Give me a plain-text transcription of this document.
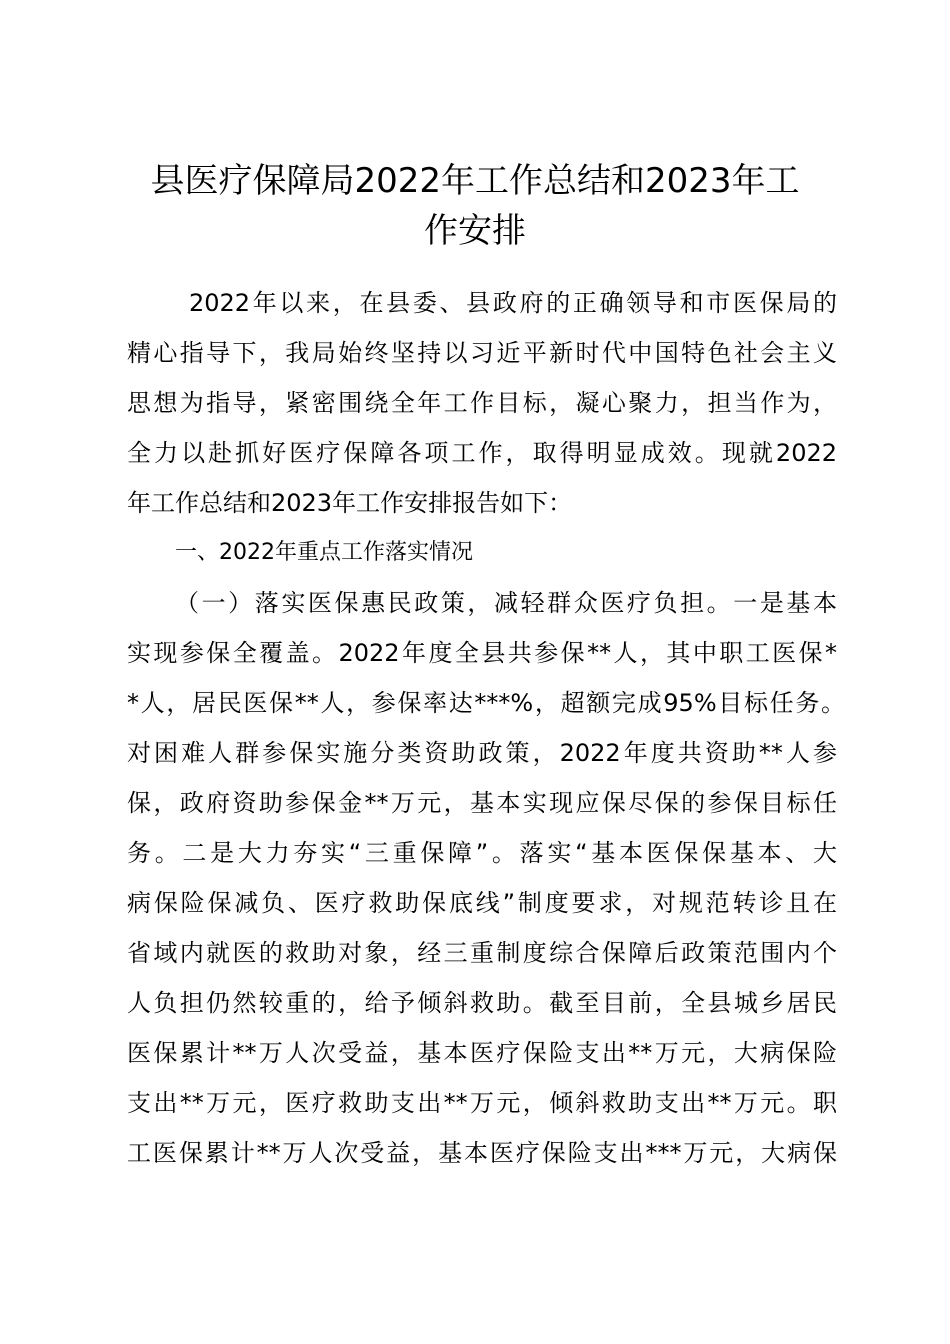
县医疗保障局2022年工作总结和2023年工
作安排
2022年以来，在县委、县政府的正确领导和市医保局的
精心指导下，我局始终坚持以习近平新时代中国特色社会主义
思想为指导，紧密围绕全年工作目标，凝心聚力，担当作为，
全力以赴抓好医疗保障各项工作，取得明显成效。现就2022
年工作总结和2023年工作安排报告如下：
一、2022年重点工作落实情况
（一）落实医保惠民政策，减轻群众医疗负担。一是基本
实现参保全覆盖。2022年度全县共参保**人，其中职工医保*
*人，居民医保**人，参保率达***%，超额完成95%目标任务。
对困难人群参保实施分类资助政策，2022年度共资助**人参
保，政府资助参保金**万元，基本实现应保尽保的参保目标任
务。二是大力夯实“三重保障”。落实“基本医保保基本、大
病保险保减负、医疗救助保底线”制度要求，对规范转诊且在
省域内就医的救助对象，经三重制度综合保障后政策范围内个
人负担仍然较重的，给予倾斜救助。截至目前，全县城乡居民
医保累计**万人次受益，基本医疗保险支出**万元，大病保险
支出**万元，医疗救助支出**万元，倾斜救助支出**万元。职
工医保累计**万人次受益，基本医疗保险支出***万元，大病保
